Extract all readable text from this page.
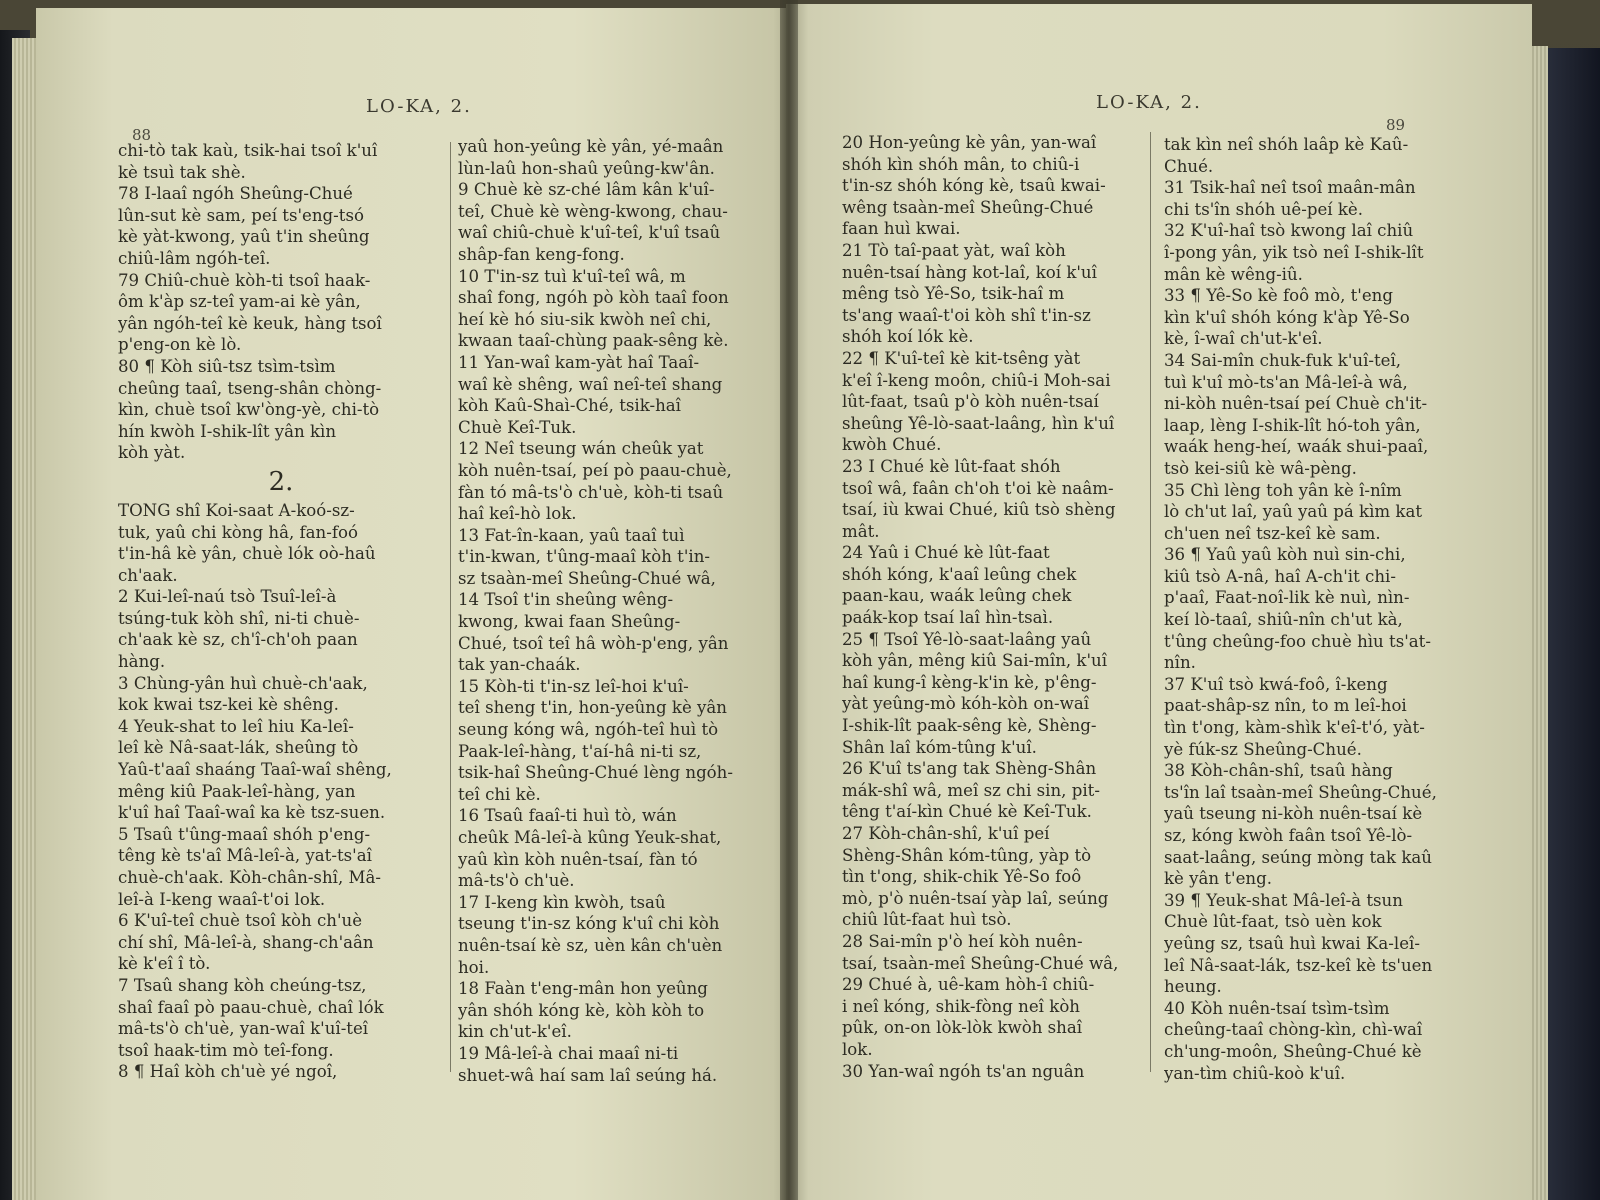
88
LO-KA, 2.
chi-tò tak kaù, tsik-hai tsoî k'uî
kè tsuì tak shè.
78 I-laaî ngóh Sheûng-Chué
lûn-sut kè sam, peí ts'eng-tsó
kè yàt-kwong, yaû t'in sheûng
chiû-lâm ngóh-teî.
79 Chiû-chuè kòh-ti tsoî haak-
ôm k'àp sz-teî yam-ai kè yân,
yân ngóh-teî kè keuk, hàng tsoî
p'eng-on kè lò.
80 ¶ Kòh siû-tsz tsìm-tsìm
cheûng taaî, tseng-shân chòng-
kìn, chuè tsoî kw'òng-yè, chi-tò
hín kwòh I-shik-lît yân kìn
kòh yàt.
2.
TONG shî Koi-saat A-koó-sz-
tuk, yaû chi kòng hâ, fan-foó
t'in-hâ kè yân, chuè lók oò-haû
ch'aak.
2 Kui-leî-naú tsò Tsuî-leî-à
tsúng-tuk kòh shî, ni-ti chuè-
ch'aak kè sz, ch'î-ch'oh paan
hàng.
3 Chùng-yân huì chuè-ch'aak,
kok kwai tsz-kei kè shêng.
4 Yeuk-shat to leî hiu Ka-leî-
leî kè Nâ-saat-lák, sheûng tò
Yaû-t'aaî shaáng Taaî-waî shêng,
mêng kiû Paak-leî-hàng, yan
k'uî haî Taaî-waî ka kè tsz-suen.
5 Tsaû t'ûng-maaî shóh p'eng-
têng kè ts'aî Mâ-leî-à, yat-ts'aî
chuè-ch'aak. Kòh-chân-shî, Mâ-
leî-à I-keng waaî-t'oi lok.
6 K'uî-teî chuè tsoî kòh ch'uè
chí shî, Mâ-leî-à, shang-ch'aân
kè k'eî î tò.
7 Tsaû shang kòh cheúng-tsz,
shaî faaî pò paau-chuè, chaî lók
mâ-ts'ò ch'uè, yan-waî k'uî-teî
tsoî haak-tim mò teî-fong.
8 ¶ Haî kòh ch'uè yé ngoî,
yaû hon-yeûng kè yân, yé-maân
lùn-laû hon-shaû yeûng-kw'ân.
9 Chuè kè sz-ché lâm kân k'uî-
teî, Chuè kè wèng-kwong, chau-
waî chiû-chuè k'uî-teî, k'uî tsaû
shâp-fan keng-fong.
10 T'in-sz tuì k'uî-teî wâ, m
shaî fong, ngóh pò kòh taaî foon
heí kè hó siu-sik kwòh neî chi,
kwaan taaî-chùng paak-sêng kè.
11 Yan-waî kam-yàt haî Taaî-
waî kè shêng, waî neî-teî shang
kòh Kaû-Shaì-Ché, tsik-haî
Chuè Keî-Tuk.
12 Neî tseung wán cheûk yat
kòh nuên-tsaí, peí pò paau-chuè,
fàn tó mâ-ts'ò ch'uè, kòh-ti tsaû
haî keî-hò lok.
13 Fat-în-kaan, yaû taaî tuì
t'in-kwan, t'ûng-maaî kòh t'in-
sz tsaàn-meî Sheûng-Chué wâ,
14 Tsoî t'in sheûng wêng-
kwong, kwai faan Sheûng-
Chué, tsoî teî hâ wòh-p'eng, yân
tak yan-chaák.
15 Kòh-ti t'in-sz leî-hoi k'uî-
teî sheng t'in, hon-yeûng kè yân
seung kóng wâ, ngóh-teî huì tò
Paak-leî-hàng, t'aí-hâ ni-ti sz,
tsik-haî Sheûng-Chué lèng ngóh-
teî chi kè.
16 Tsaû faaî-ti huì tò, wán
cheûk Mâ-leî-à kûng Yeuk-shat,
yaû kìn kòh nuên-tsaí, fàn tó
mâ-ts'ò ch'uè.
17 I-keng kìn kwòh, tsaû
tseung t'in-sz kóng k'uî chi kòh
nuên-tsaí kè sz, uèn kân ch'uèn
hoi.
18 Faàn t'eng-mân hon yeûng
yân shóh kóng kè, kòh kòh to
kin ch'ut-k'eî.
19 Mâ-leî-à chai maaî ni-ti
shuet-wâ haí sam laî seúng há.
LO-KA, 2.
89
20 Hon-yeûng kè yân, yan-waî
shóh kìn shóh mân, to chiû-i
t'in-sz shóh kóng kè, tsaû kwai-
wêng tsaàn-meî Sheûng-Chué
faan huì kwai.
21 Tò taî-paat yàt, waî kòh
nuên-tsaí hàng kot-laî, koí k'uî
mêng tsò Yê-So, tsik-haî m
ts'ang waaî-t'oi kòh shî t'in-sz
shóh koí lók kè.
22 ¶ K'uî-teî kè kit-tsêng yàt
k'eî î-keng moôn, chiû-i Moh-sai
lût-faat, tsaû p'ò kòh nuên-tsaí
sheûng Yê-lò-saat-laâng, hìn k'uî
kwòh Chué.
23 I Chué kè lût-faat shóh
tsoî wâ, faân ch'oh t'oi kè naâm-
tsaí, iù kwai Chué, kiû tsò shèng
mât.
24 Yaû i Chué kè lût-faat
shóh kóng, k'aaî leûng chek
paan-kau, waák leûng chek
paák-kop tsaí laî hìn-tsaì.
25 ¶ Tsoî Yê-lò-saat-laâng yaû
kòh yân, mêng kiû Sai-mîn, k'uî
haî kung-î kèng-k'in kè, p'êng-
yàt yeûng-mò kóh-kòh on-waî
I-shik-lît paak-sêng kè, Shèng-
Shân laî kóm-tûng k'uî.
26 K'uî ts'ang tak Shèng-Shân
mák-shî wâ, meî sz chi sin, pit-
têng t'aí-kìn Chué kè Keî-Tuk.
27 Kòh-chân-shî, k'uî peí
Shèng-Shân kóm-tûng, yàp tò
tìn t'ong, shik-chik Yê-So foô
mò, p'ò nuên-tsaí yàp laî, seúng
chiû lût-faat huì tsò.
28 Sai-mîn p'ò heí kòh nuên-
tsaí, tsaàn-meî Sheûng-Chué wâ,
29 Chué à, uê-kam hòh-î chiû-
i neî kóng, shik-fòng neî kòh
pûk, on-on lòk-lòk kwòh shaî
lok.
30 Yan-waî ngóh ts'an nguân
tak kìn neî shóh laâp kè Kaû-
Chué.
31 Tsik-haî neî tsoî maân-mân
chi ts'în shóh uê-peí kè.
32 K'uî-haî tsò kwong laî chiû
î-pong yân, yik tsò neî I-shik-lît
mân kè wêng-iû.
33 ¶ Yê-So kè foô mò, t'eng
kìn k'uî shóh kóng k'àp Yê-So
kè, î-waî ch'ut-k'eî.
34 Sai-mîn chuk-fuk k'uî-teî,
tuì k'uî mò-ts'an Mâ-leî-à wâ,
ni-kòh nuên-tsaí peí Chuè ch'it-
laap, lèng I-shik-lît hó-toh yân,
waák heng-heí, waák shui-paaî,
tsò kei-siû kè wâ-pèng.
35 Chì lèng toh yân kè î-nîm
lò ch'ut laî, yaû yaû pá kìm kat
ch'uen neî tsz-keî kè sam.
36 ¶ Yaû yaû kòh nuì sin-chi,
kiû tsò A-nâ, haî A-ch'it chi-
p'aaî, Faat-noî-lik kè nuì, nìn-
keí lò-taaî, shiû-nîn ch'ut kà,
t'ûng cheûng-foo chuè hìu ts'at-
nîn.
37 K'uî tsò kwá-foô, î-keng
paat-shâp-sz nîn, to m leî-hoi
tìn t'ong, kàm-shìk k'eî-t'ó, yàt-
yè fúk-sz Sheûng-Chué.
38 Kòh-chân-shî, tsaû hàng
ts'în laî tsaàn-meî Sheûng-Chué,
yaû tseung ni-kòh nuên-tsaí kè
sz, kóng kwòh faân tsoî Yê-lò-
saat-laâng, seúng mòng tak kaû
kè yân t'eng.
39 ¶ Yeuk-shat Mâ-leî-à tsun
Chuè lût-faat, tsò uèn kok
yeûng sz, tsaû huì kwai Ka-leî-
leî Nâ-saat-lák, tsz-keî kè ts'uen
heung.
40 Kòh nuên-tsaí tsìm-tsìm
cheûng-taaî chòng-kìn, chì-waî
ch'ung-moôn, Sheûng-Chué kè
yan-tìm chiû-koò k'uî.
